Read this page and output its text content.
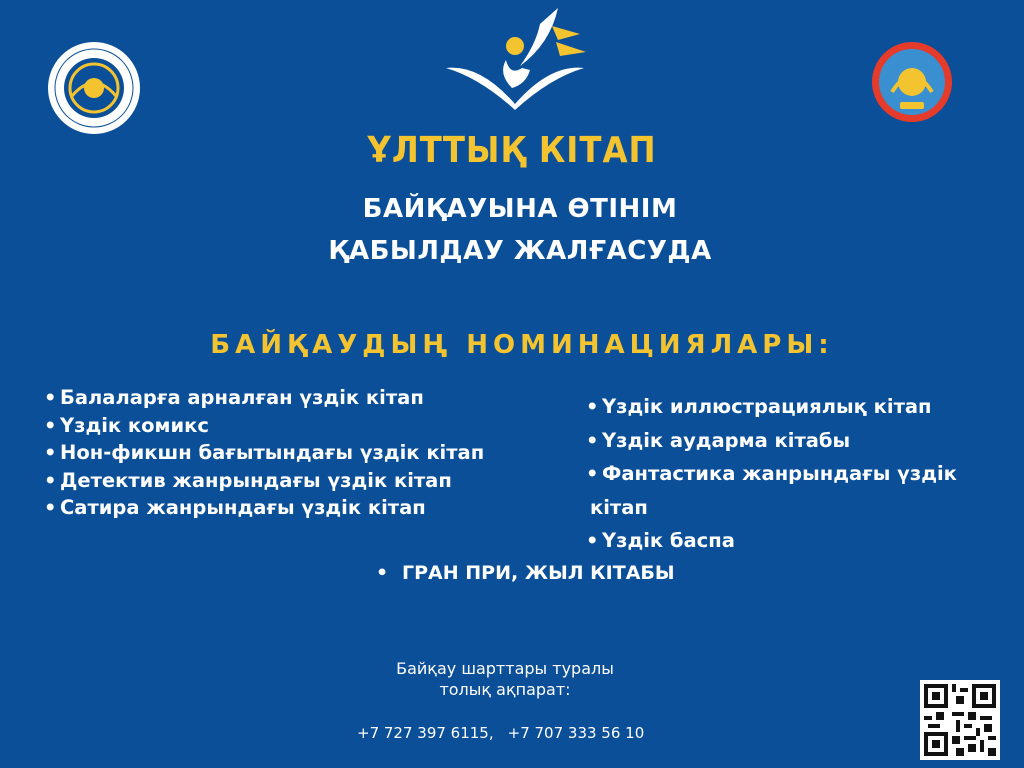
ҰЛТТЫҚ КІТАП
БАЙҚАУЫНА ӨТІНІМ
ҚАБЫЛДАУ ЖАЛҒАСУДА
БАЙҚАУДЫҢ НОМИНАЦИЯЛАРЫ:
• Балаларға арналған үздік кітап
• Үздік комикс
• Нон-фикшн бағытындағы үздік кітап
• Детектив жанрындағы үздік кітап
• Сатира жанрындағы үздік кітап
• Үздік иллюстрациялық кітап
• Үздік аударма кітабы
• Фантастика жанрындағы үздік
кітап
• Үздік баспа
• ГРАН ПРИ, ЖЫЛ КІТАБЫ
Байқау шарттары туралы
толық ақпарат:
+7 727 397 6115, +7 707 333 56 10
